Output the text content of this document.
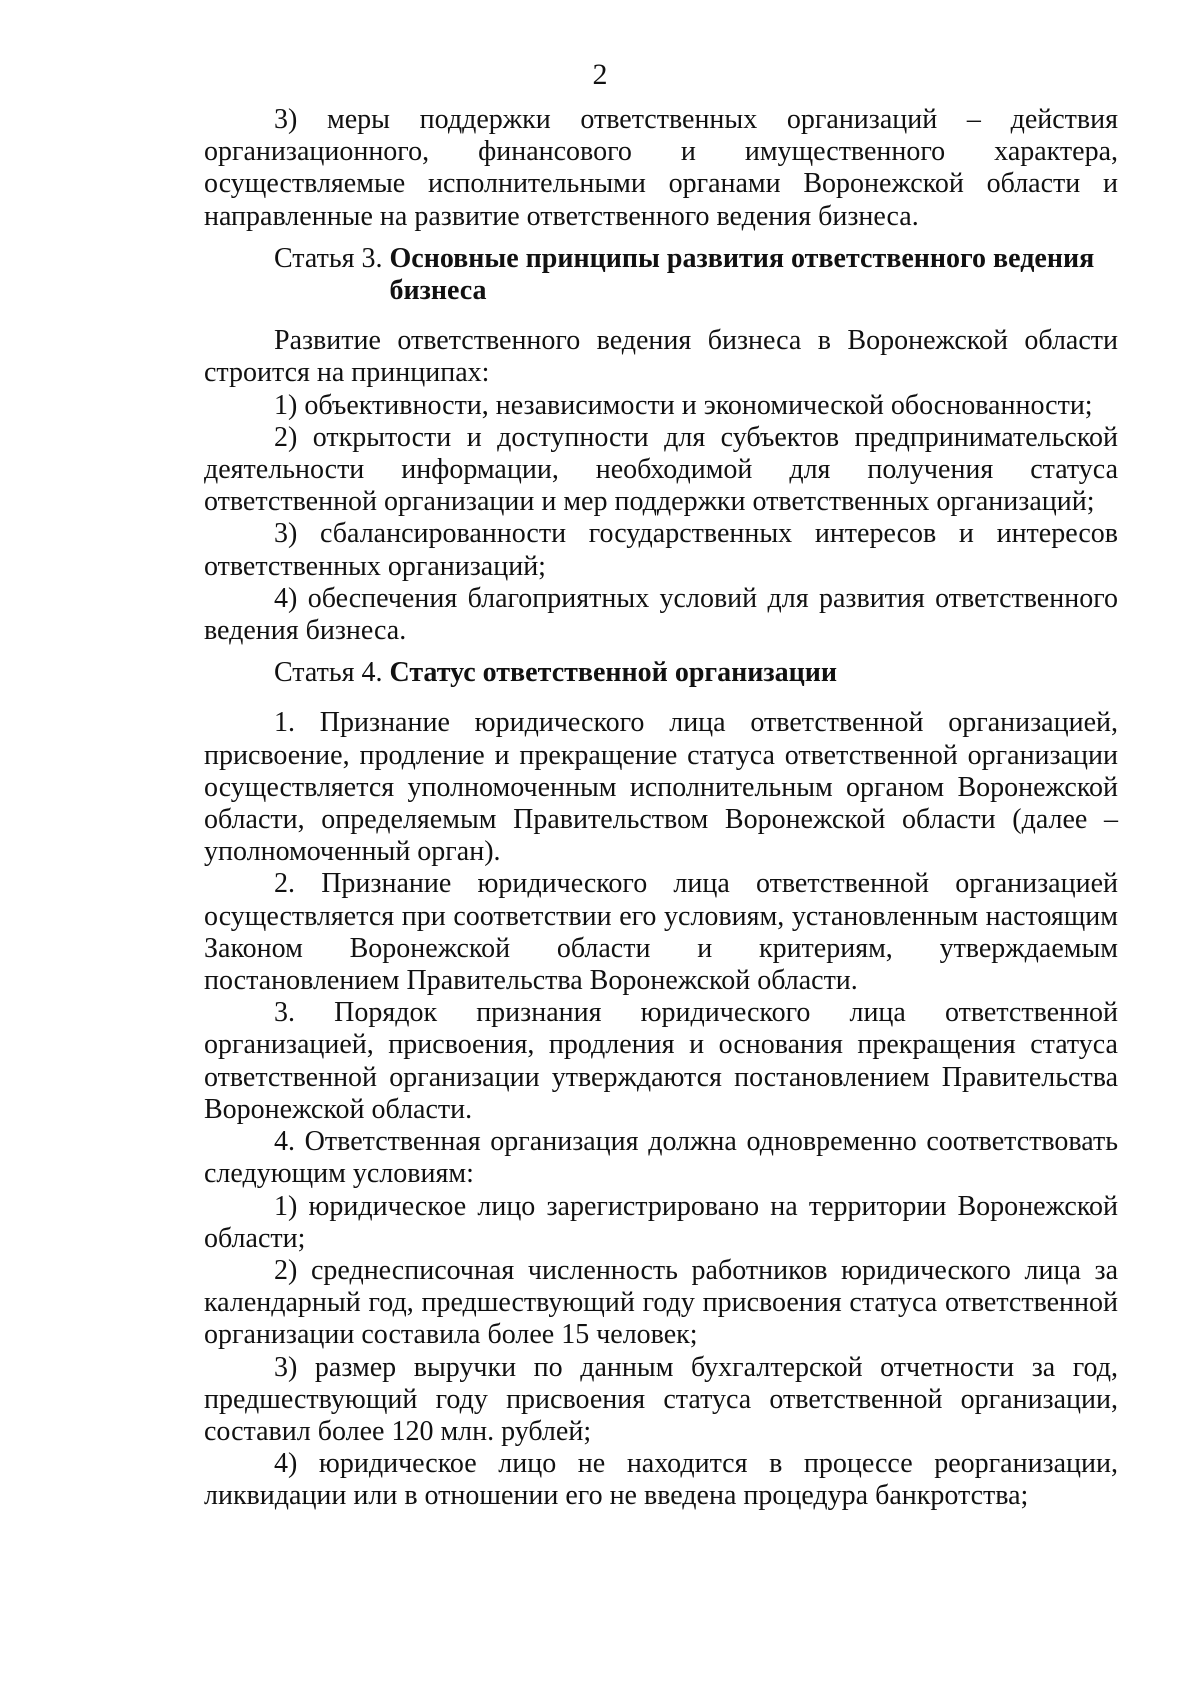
2

3) меры поддержки ответственных организаций – действия организационного, финансового и имущественного характера, осуществляемые исполнительными органами Воронежской области и направленные на развитие ответственного ведения бизнеса.

Статья 3. Основные принципы развития ответственного ведения бизнеса

Развитие ответственного ведения бизнеса в Воронежской области строится на принципах:

1) объективности, независимости и экономической обоснованности;

2) открытости и доступности для субъектов предпринимательской деятельности информации, необходимой для получения статуса ответственной организации и мер поддержки ответственных организаций;

3) сбалансированности государственных интересов и интересов ответственных организаций;

4) обеспечения благоприятных условий для развития ответственного ведения бизнеса.

Статья 4. Статус ответственной организации

1. Признание юридического лица ответственной организацией, присвоение, продление и прекращение статуса ответственной организации осуществляется уполномоченным исполнительным органом Воронежской области, определяемым Правительством Воронежской области (далее – уполномоченный орган).

2. Признание юридического лица ответственной организацией осуществляется при соответствии его условиям, установленным настоящим Законом Воронежской области и критериям, утверждаемым постановлением Правительства Воронежской области.

3. Порядок признания юридического лица ответственной организацией, присвоения, продления и основания прекращения статуса ответственной организации утверждаются постановлением Правительства Воронежской области.

4. Ответственная организация должна одновременно соответствовать следующим условиям:

1) юридическое лицо зарегистрировано на территории Воронежской области;

2) среднесписочная численность работников юридического лица за календарный год, предшествующий году присвоения статуса ответственной организации составила более 15 человек;

3) размер выручки по данным бухгалтерской отчетности за год, предшествующий году присвоения статуса ответственной организации, составил более 120 млн. рублей;

4) юридическое лицо не находится в процессе реорганизации, ликвидации или в отношении его не введена процедура банкротства;
